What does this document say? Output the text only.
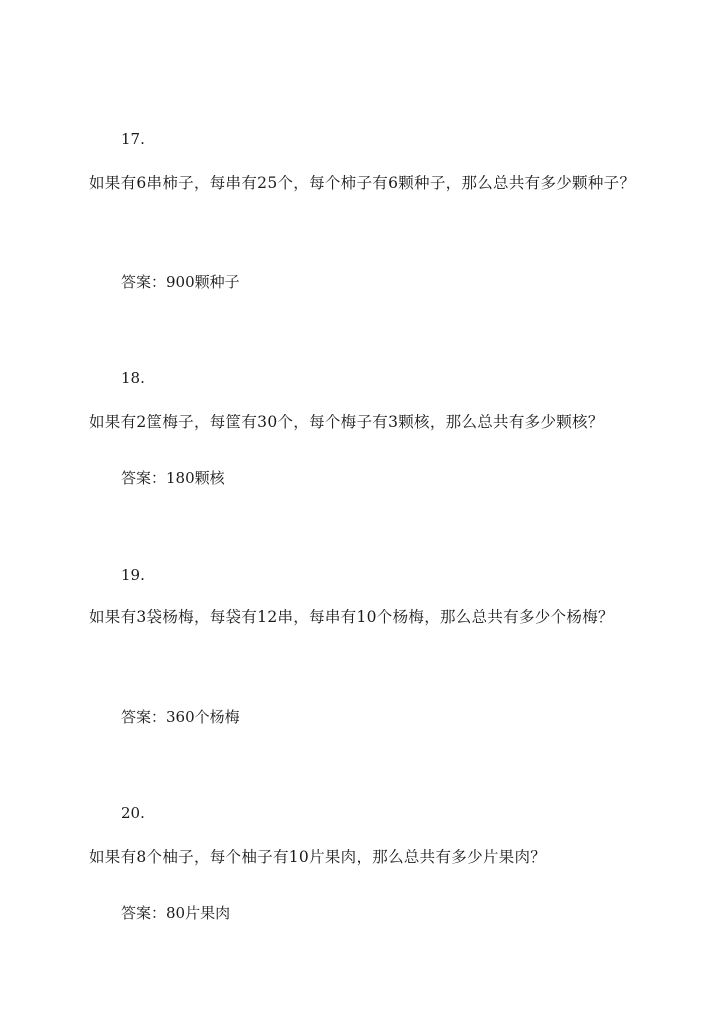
17.
如果有6串柿子，每串有25个，每个柿子有6颗种子，那么总共有多少颗种子？
答案：900颗种子
18.
如果有2筐梅子，每筐有30个，每个梅子有3颗核，那么总共有多少颗核？
答案：180颗核
19.
如果有3袋杨梅，每袋有12串，每串有10个杨梅，那么总共有多少个杨梅？
答案：360个杨梅
20.
如果有8个柚子，每个柚子有10片果肉，那么总共有多少片果肉？
答案：80片果肉
